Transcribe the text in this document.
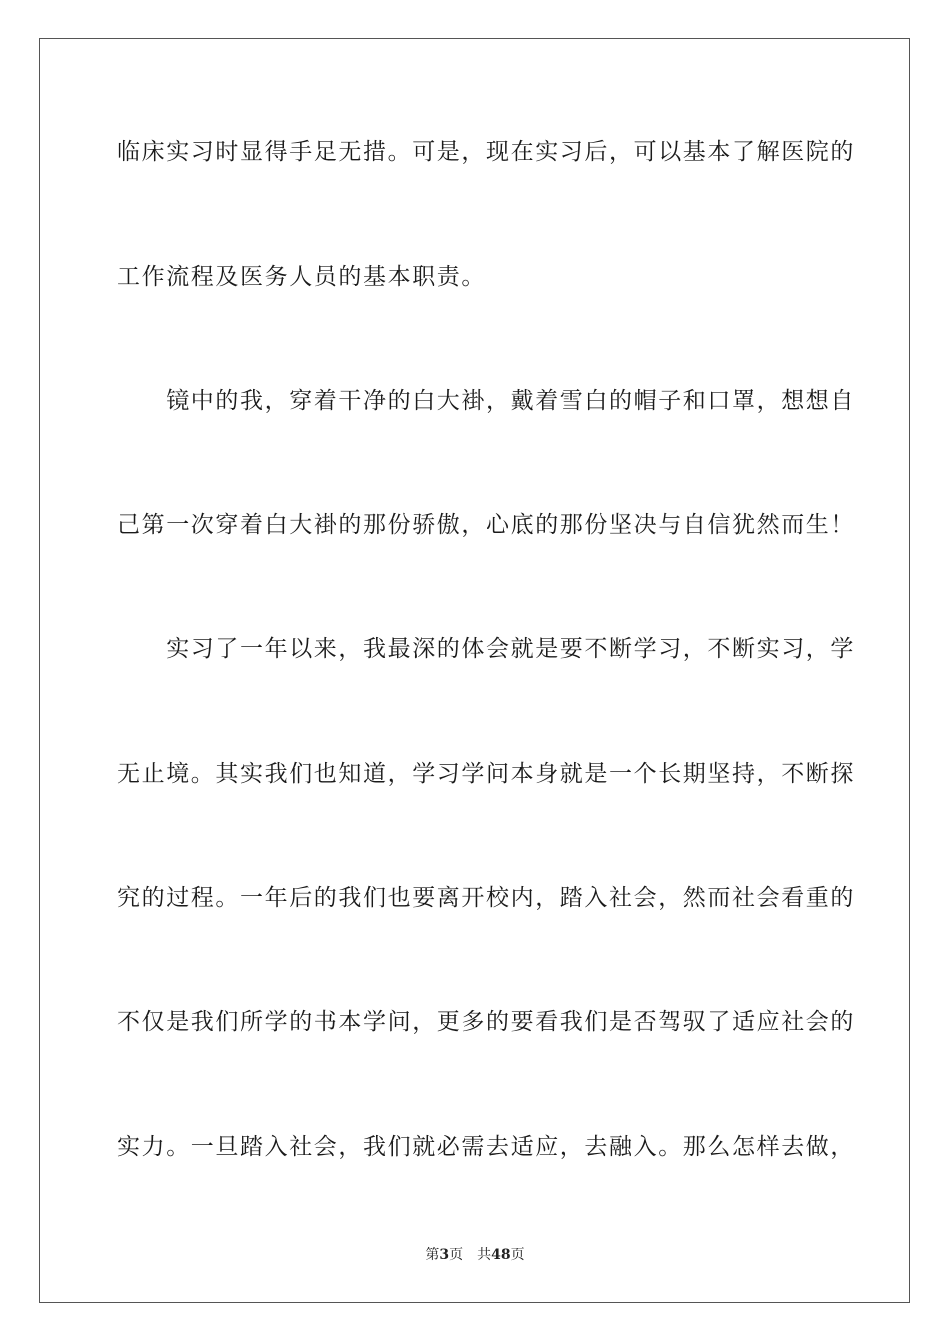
临床实习时显得手足无措。可是，现在实习后，可以基本了解医院的
工作流程及医务人员的基本职责。
　　镜中的我，穿着干净的白大褂，戴着雪白的帽子和口罩，想想自
己第一次穿着白大褂的那份骄傲，心底的那份坚决与自信犹然而生！
　　实习了一年以来，我最深的体会就是要不断学习，不断实习，学
无止境。其实我们也知道，学习学问本身就是一个长期坚持，不断探
究的过程。一年后的我们也要离开校内，踏入社会，然而社会看重的
不仅是我们所学的书本学问，更多的要看我们是否驾驭了适应社会的
实力。一旦踏入社会，我们就必需去适应，去融入。那么怎样去做，
第3页 共48页
